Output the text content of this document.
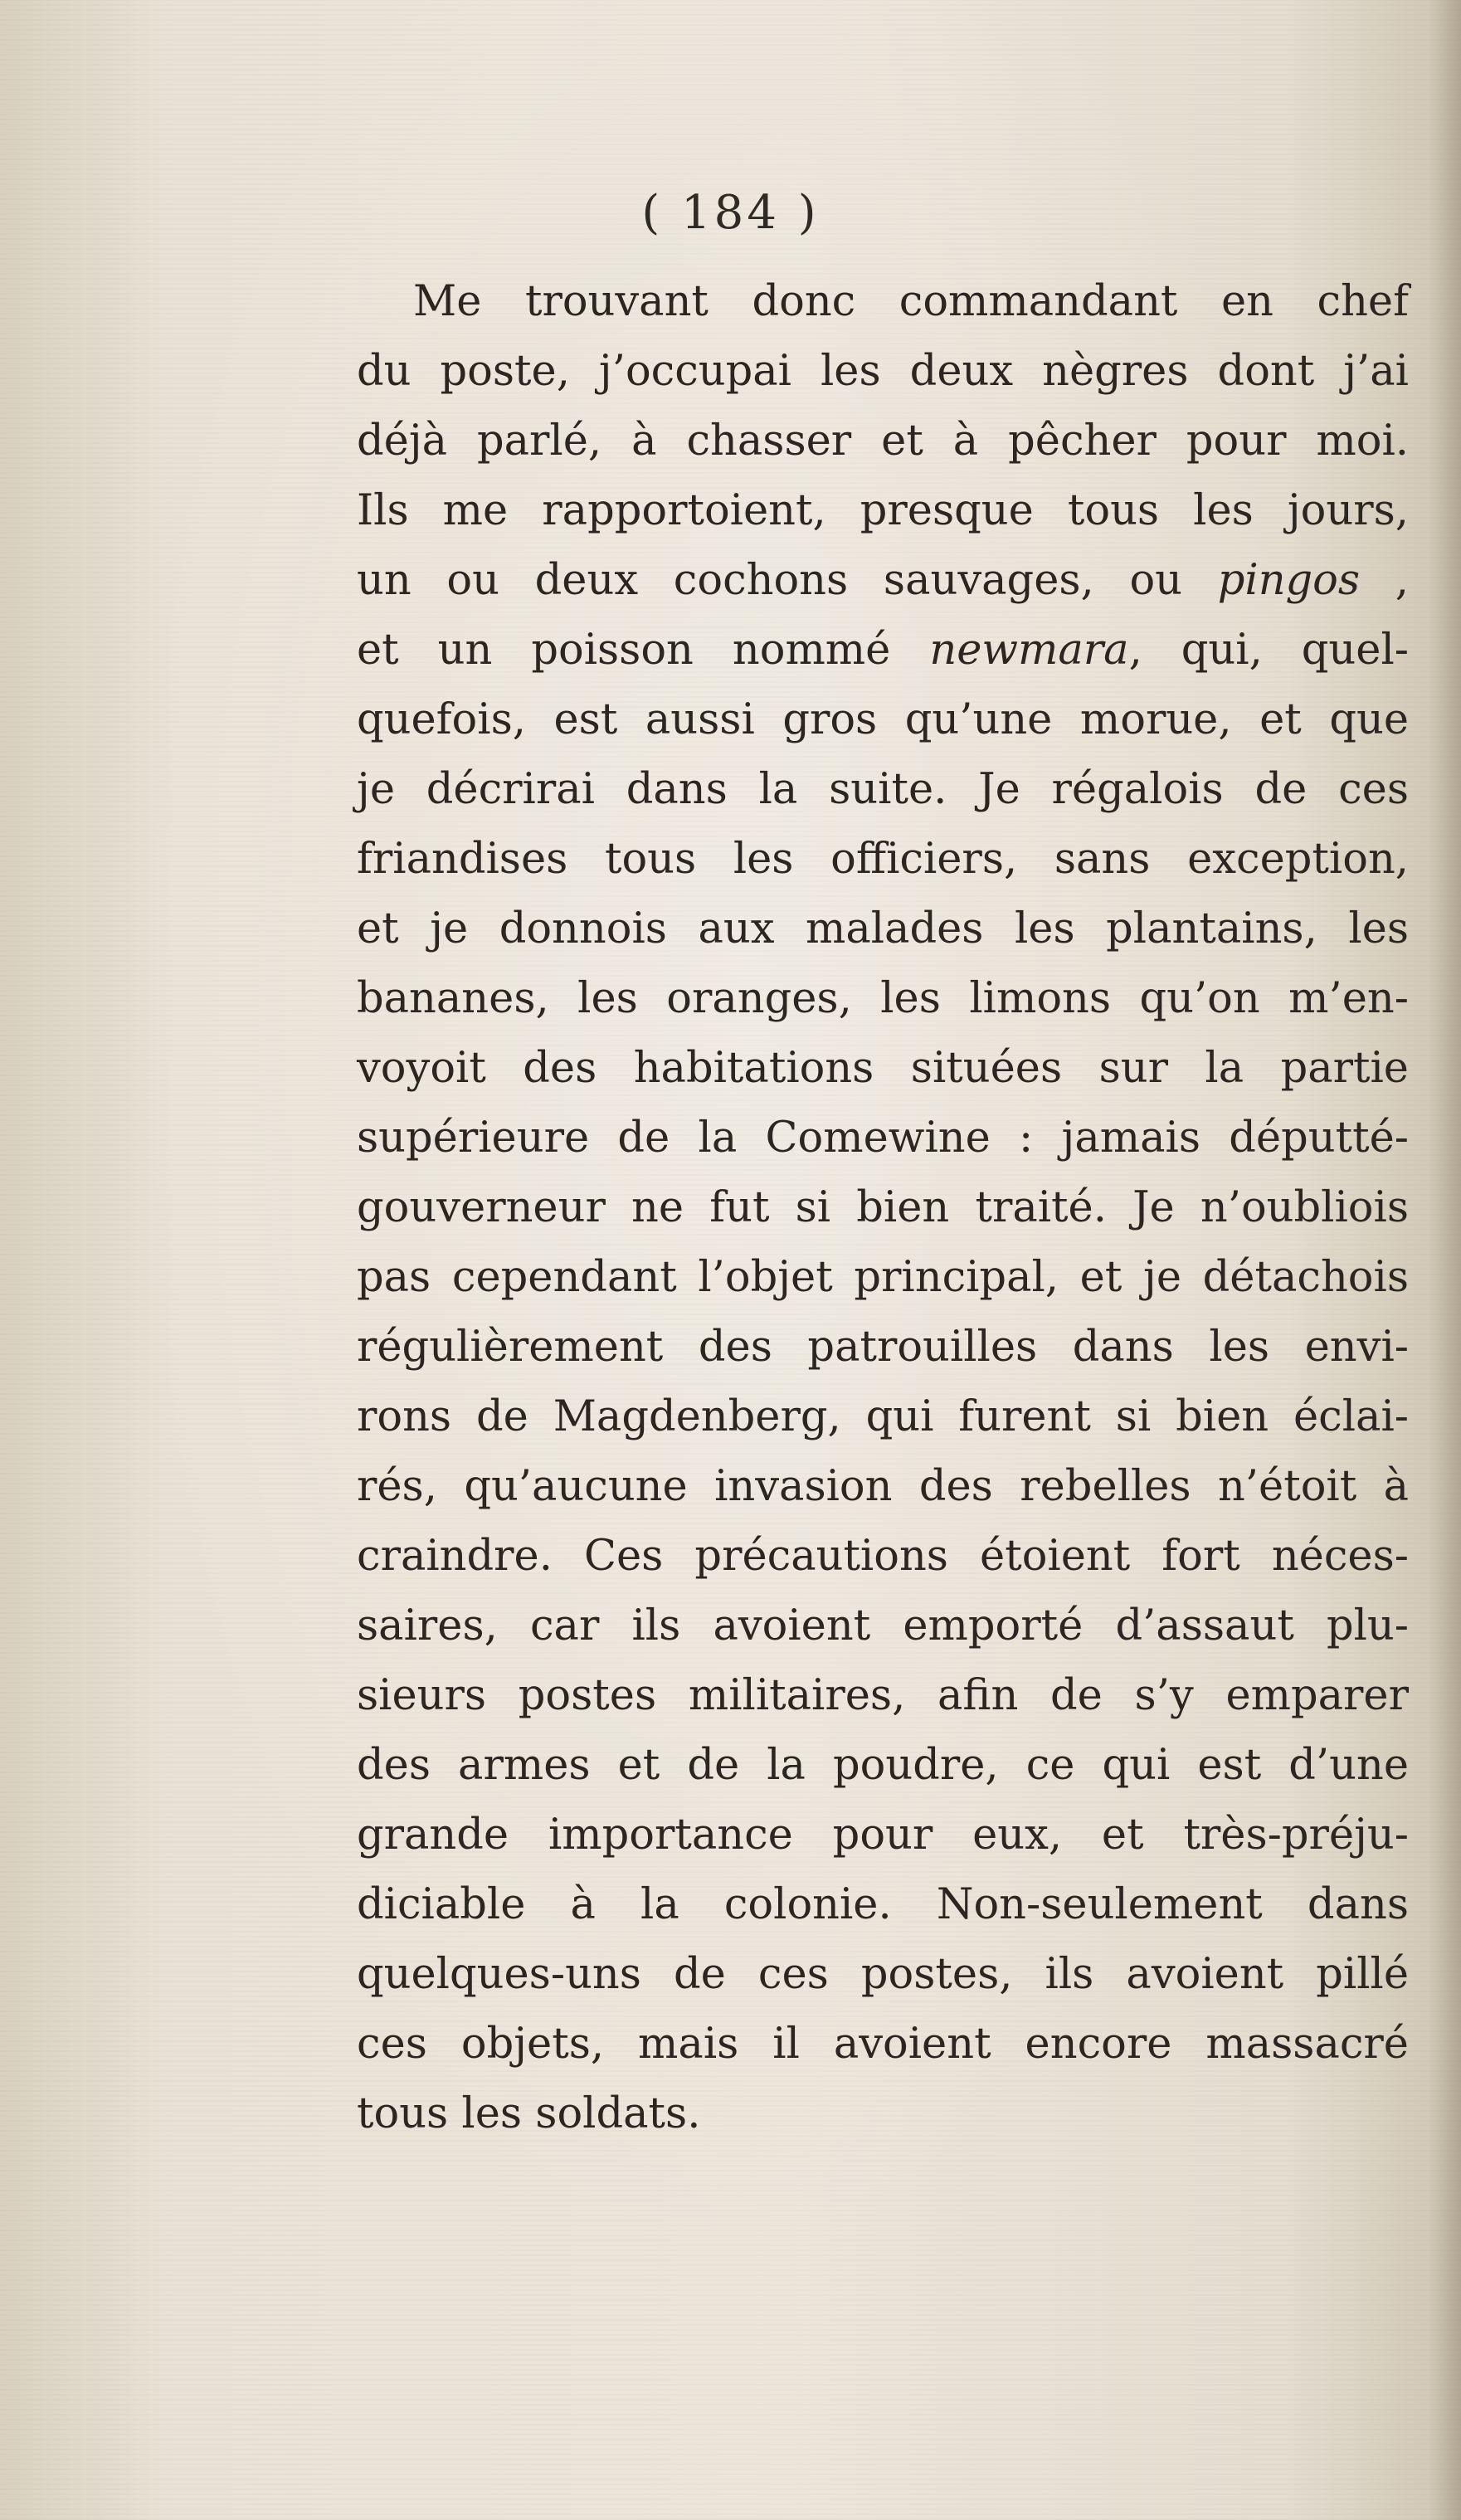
( 184 )
Me trouvant donc commandant en chef
du poste, j’occupai les deux nègres dont j’ai
déjà parlé, à chasser et à pêcher pour moi.
Ils me rapportoient, presque tous les jours,
un ou deux cochons sauvages, ou pingos ,
et un poisson nommé newmara, qui, quel-
quefois, est aussi gros qu’une morue, et que
je décrirai dans la suite. Je régalois de ces
friandises tous les officiers, sans exception,
et je donnois aux malades les plantains, les
bananes, les oranges, les limons qu’on m’en-
voyoit des habitations situées sur la partie
supérieure de la Comewine : jamais députté-
gouverneur ne fut si bien traité. Je n’oubliois
pas cependant l’objet principal, et je détachois
régulièrement des patrouilles dans les envi-
rons de Magdenberg, qui furent si bien éclai-
rés, qu’aucune invasion des rebelles n’étoit à
craindre. Ces précautions étoient fort néces-
saires, car ils avoient emporté d’assaut plu-
sieurs postes militaires, afin de s’y emparer
des armes et de la poudre, ce qui est d’une
grande importance pour eux, et très-préju-
diciable à la colonie. Non-seulement dans
quelques-uns de ces postes, ils avoient pillé
ces objets, mais il avoient encore massacré
tous les soldats.
